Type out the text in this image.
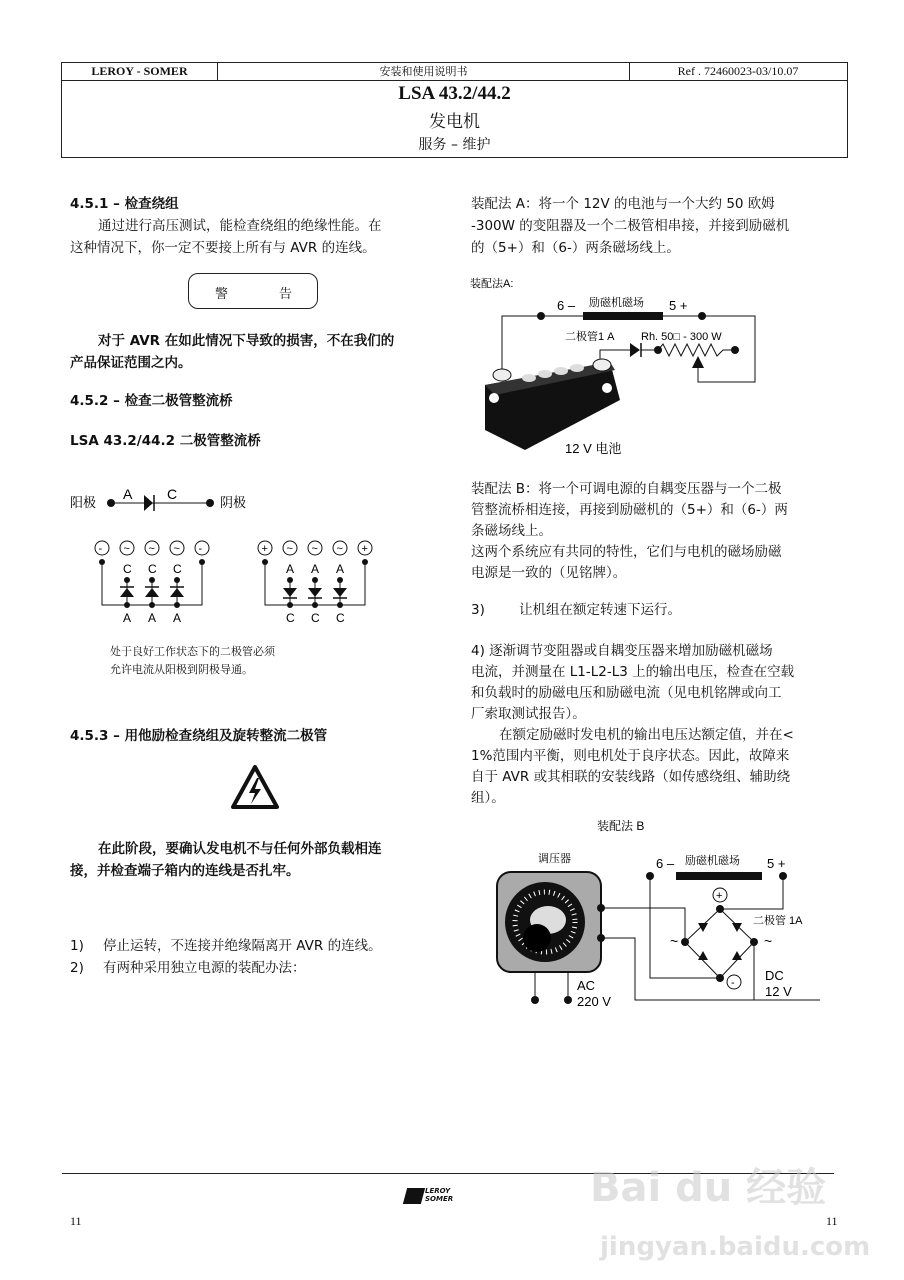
LEROY - SOMER	安装和使用说明书	Ref . 72460023-03/10.07
LSA 43.2/44.2
发电机
服务 – 维护
4.5.1 – 检查绕组
通过进行高压测试，能检查绕组的绝缘性能。在
这种情况下，你一定不要接上所有与 AVR 的连线。
警	告
对于 AVR 在如此情况下导致的损害，不在我们的
产品保证范围之内。
4.5.2 – 检查二极管整流桥
LSA 43.2/44.2 二极管整流桥
阳极
A C
阴极
- ~ ~ ~ -
C
A
C
A
C
A
+ ~ ~ ~ +
A
C
A
C
A
C
处于良好工作状态下的二极管必须
允许电流从阳极到阴极导通。
4.5.3 – 用他励检查绕组及旋转整流二极管
在此阶段，要确认发电机不与任何外部负载相连
接，并检查端子箱内的连线是否扎牢。
1) 停止运转，不连接并绝缘隔离开 AVR 的连线。
2) 有两种采用独立电源的装配办法：
装配法 A：将一个 12V 的电池与一个大约 50 欧姆
-300W 的变阻器及一个二极管相串接，并接到励磁机
的（5+）和（6-）两条磁场线上。
装配法A:
6 – 励磁机磁场 5 +
二极管1 A Rh. 50□ - 300 W
12 V 电池
装配法 B：将一个可调电源的自耦变压器与一个二极
管整流桥相连接，再接到励磁机的（5+）和（6-）两
条磁场线上。
这两个系统应有共同的特性，它们与电机的磁场励磁
电源是一致的（见铭牌）。
3)	让机组在额定转速下运行。
4) 逐渐调节变阻器或自耦变压器来增加励磁机磁场
电流，并测量在 L1-L2-L3 上的输出电压，检查在空载
和负载时的励磁电压和励磁电流（见电机铭牌或向工
厂索取测试报告）。
在额定励磁时发电机的输出电压达额定值，并在<
1%范围内平衡，则电机处于良序状态。因此，故障来
自于 AVR 或其相联的安装线路（如传感绕组、辅助绕
组）。
装配法 B
调压器
AC
220 V
6 – 励磁机磁场 5 +
+
-
~	~
二极管 1A
DC
12 V
LEROY
SOMER
11	11
Bai du 经验
jingyan.baidu.com
